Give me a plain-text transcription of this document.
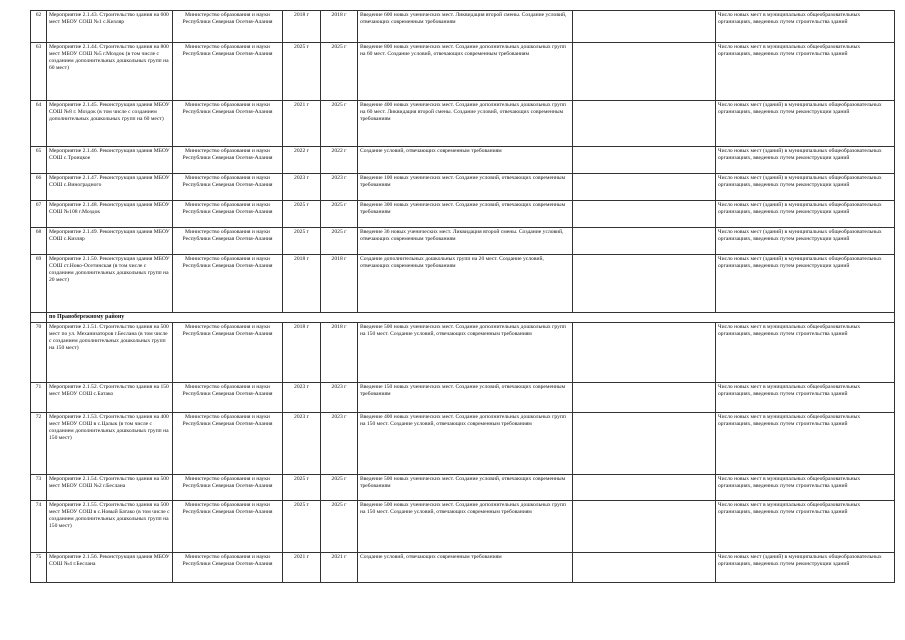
62	Мероприятие 2.1.43. Строительство здания на 600 мест МБОУ СОШ №1 с.Кизляр	Министерство образования и науки Республики Северная Осетия-Алания	2018 г	2018 г	Введение 600 новых ученических мест. Ликвидация второй смены. Создание условий, отвечающих современным требованиям		Число новых мест в муниципальных общеобразовательных организациях, введенных путем строительства зданий
63	Мероприятие 2.1.44. Строительство здания на 800 мест МБОУ СОШ №5 г.Моздок (в том числе с созданием дополнительных дошкольных групп на 60 мест)	Министерство образования и науки Республики Северная Осетия-Алания	2025 г	2025 г	Введение 800 новых ученических мест. Создание дополнительных дошкольных групп на 60 мест. Создание условий, отвечающих современным требованиям		Число новых мест в муниципальных общеобразовательных организациях, введенных путем строительства зданий
64	Мероприятие 2.1.45. Реконструкция здания МБОУ СОШ №8 г. Моздок (в том числе с созданием дополнительных дошкольных групп на 60 мест)	Министерство образования и науки Республики Северная Осетия-Алания	2021 г	2025 г	Введение 400 новых ученических мест. Создание дополнительных дошкольных групп на 60 мест. Ликвидация второй смены. Создание условий, отвечающих современным требованиям		Число новых мест (зданий) в муниципальных общеобразовательных организациях, введенных путем реконструкции зданий
65	Мероприятие 2.1.46. Реконструкция здания МБОУ СОШ с.Троицкое	Министерство образования и науки Республики Северная Осетия-Алания	2022 г	2022 г	Создание условий, отвечающих современным требованиям		Число новых мест (зданий) в муниципальных общеобразовательных организациях, введенных путем реконструкции зданий
66	Мероприятие 2.1.47. Реконструкция здания МБОУ СОШ с.Виноградного	Министерство образования и науки Республики Северная Осетия-Алания	2023 г	2023 г	Введение 100 новых ученических мест. Создание условий, отвечающих современным требованиям		Число новых мест (зданий) в муниципальных общеобразовательных организациях, введенных путем реконструкции зданий
67	Мероприятие 2.1.48. Реконструкция здания МБОУ СОШ №108 г.Моздок	Министерство образования и науки Республики Северная Осетия-Алания	2025 г	2025 г	Введение 300 новых ученических мест. Создание условий, отвечающих современным требованиям		Число новых мест (зданий) в муниципальных общеобразовательных организациях, введенных путем реконструкции зданий
68	Мероприятие 2.1.49. Реконструкция здания МБОУ СОШ с.Кизляр	Министерство образования и науки Республики Северная Осетия-Алания	2025 г	2025 г	Введение 36 новых ученических мест. Ликвидация второй смены. Создание условий, отвечающих современным требованиям		Число новых мест (зданий) в муниципальных общеобразовательных организациях, введенных путем реконструкции зданий
69	Мероприятие 2.1.50. Реконструкция здания МБОУ СОШ ст.Ново-Осетинская (в том числе с созданием дополнительных дошкольных групп на 20 мест)	Министерство образования и науки Республики Северная Осетия-Алания	2018 г	2018 г	Создание дополнительных дошкольных групп на 20 мест. Создание условий, отвечающих современным требованиям		Число новых мест (зданий) в муниципальных общеобразовательных организациях, введенных путем реконструкции зданий
	по Правобережному району						
70	Мероприятие 2.1.51. Строительство здания на 500 мест по ул. Механизаторов г.Беслана (в том числе с созданием дополнительных дошкольных групп на 150 мест)	Министерство образования и науки Республики Северная Осетия-Алания	2018 г	2018 г	Введение 500 новых ученических мест. Создание дополнительных дошкольных групп на 150 мест. Создание условий, отвечающих современным требованиям		Число новых мест в муниципальных общеобразовательных организациях, введенных путем строительства зданий
71	Мероприятие 2.1.52. Строительство здания на 150 мест МБОУ СОШ с.Батако	Министерство образования и науки Республики Северная Осетия-Алания	2023 г	2023 г	Введение 150 новых ученических мест. Создание условий, отвечающих современным требованиям		Число новых мест в муниципальных общеобразовательных организациях, введенных путем строительства зданий
72	Мероприятие 2.1.53. Строительство здания на 400 мест МБОУ СОШ в с.Цалык (в том числе с созданием дополнительных дошкольных групп на 150 мест)	Министерство образования и науки Республики Северная Осетия-Алания	2023 г	2023 г	Введение 400 новых ученических мест. Создание дополнительных дошкольных групп на 150 мест. Создание условий, отвечающих современным требованиям		Число новых мест в муниципальных общеобразовательных организациях, введенных путем строительства зданий
73	Мероприятие 2.1.54. Строительство здания на 500 мест МБОУ СОШ №2 г.Беслана	Министерство образования и науки Республики Северная Осетия-Алания	2025 г	2025 г	Введение 500 новых ученических мест. Создание условий, отвечающих современным требованиям		Число новых мест в муниципальных общеобразовательных организациях, введенных путем строительства зданий
74	Мероприятие 2.1.55. Строительство здания на 500 мест МБОУ СОШ в с.Новый Батако (в том числе с созданием дополнительных дошкольных групп на 150 мест)	Министерство образования и науки Республики Северная Осетия-Алания	2025 г	2025 г	Введение 500 новых ученических мест. Создание дополнительных дошкольных групп на 150 мест. Создание условий, отвечающих современным требованиям		Число новых мест в муниципальных общеобразовательных организациях, введенных путем строительства зданий
75	Мероприятие 2.1.56. Реконструкция здания МБОУ СОШ №4 г.Беслана	Министерство образования и науки Республики Северная Осетия-Алания	2021 г	2021 г	Создание условий, отвечающих современным требованиям		Число новых мест (зданий) в муниципальных общеобразовательных организациях, введенных путем реконструкции зданий
